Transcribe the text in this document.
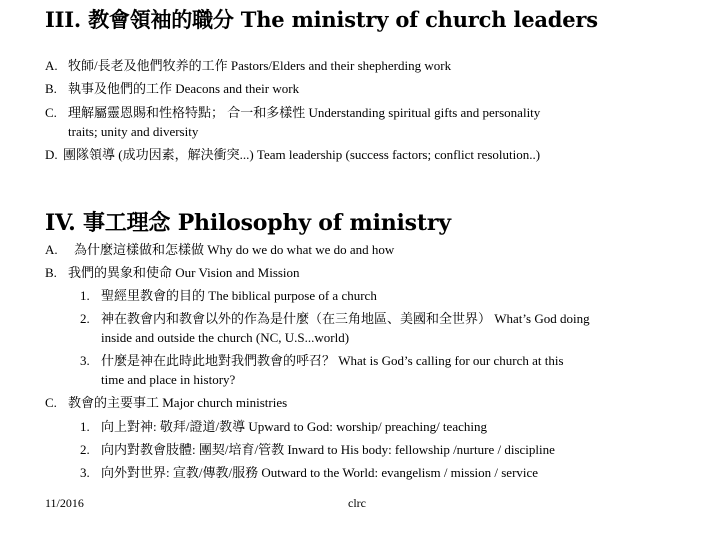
III. 教會領袖的職分 The ministry of church leaders
A. 牧師/長老及他們牧养的工作 Pastors/Elders and their shepherding work
B. 執事及他們的工作 Deacons and their work
C. 理解屬靈恩賜和性格特點； 合一和多樣性 Understanding spiritual gifts and personality
traits; unity and diversity
D. 團隊領導 (成功因素，解決衝突...) Team leadership (success factors; conflict resolution..)
IV. 事工理念 Philosophy of ministry
A. 為什麼這樣做和怎樣做 Why do we do what we do and how
B. 我們的異象和使命 Our Vision and Mission
1. 聖經里教會的目的 The biblical purpose of a church
2. 神在教會内和教會以外的作為是什麼（在三角地區、美國和全世界） What’s God doing
inside and outside the church (NC, U.S...world)
3. 什麼是神在此時此地對我們教會的呼召？ What is God’s calling for our church at this
time and place in history?
C. 教會的主要事工 Major church ministries
1. 向上對神: 敬拜/證道/教導 Upward to God: worship/ preaching/ teaching
2. 向内對教會肢體: 團契/培育/管教 Inward to His body: fellowship /nurture / discipline
3. 向外對世界: 宣教/傳教/服務 Outward to the World: evangelism / mission / service
11/2016	clrc
